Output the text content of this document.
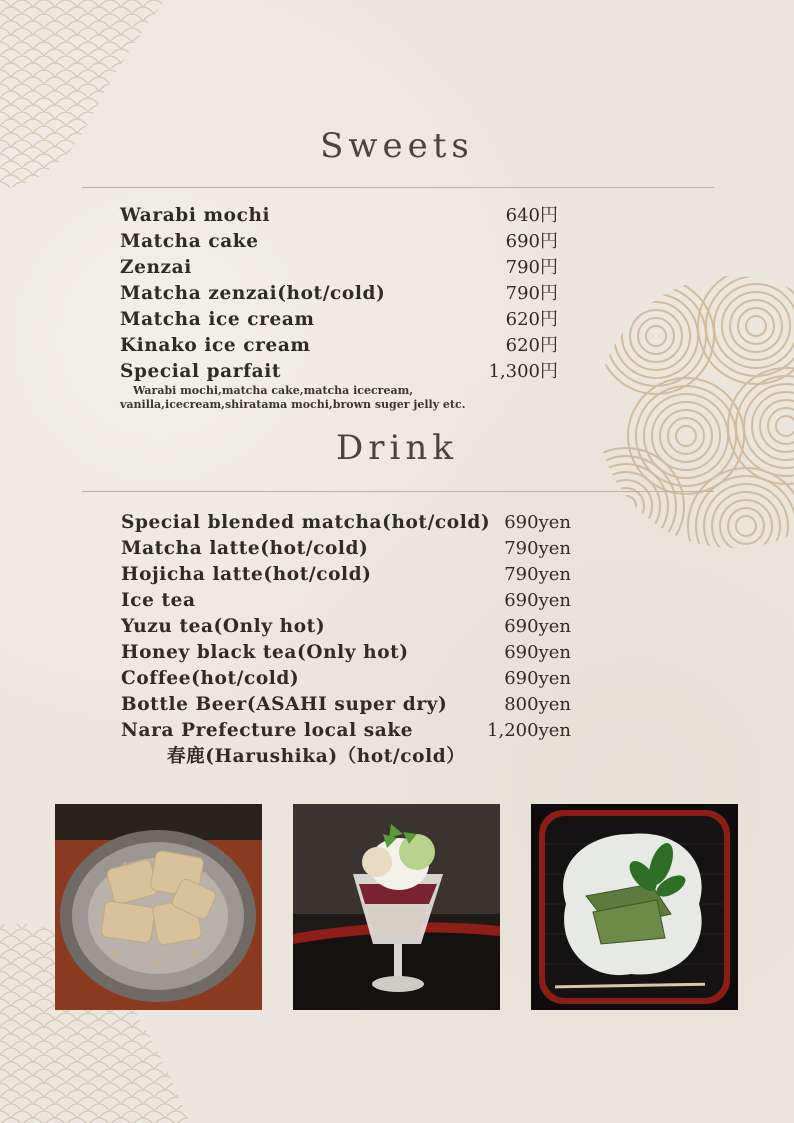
Sweets
Warabi mochi	640円
Matcha cake	690円
Zenzai	790円
Matcha zenzai(hot/cold)	790円
Matcha ice cream	620円
Kinako ice cream	620円
Special parfait	1,300円
Warabi mochi,matcha cake,matcha icecream,
vanilla,icecream,shiratama mochi,brown suger jelly etc.
Drink
Special blended matcha(hot/cold) 690yen
Matcha latte(hot/cold)	790yen
Hojicha latte(hot/cold)	790yen
Ice tea	690yen
Yuzu tea(Only hot)	690yen
Honey black tea(Only hot)	690yen
Coffee(hot/cold)	690yen
Bottle Beer(ASAHI super dry)	800yen
Nara Prefecture local sake	1,200yen
春鹿(Harushika)（hot/cold）
